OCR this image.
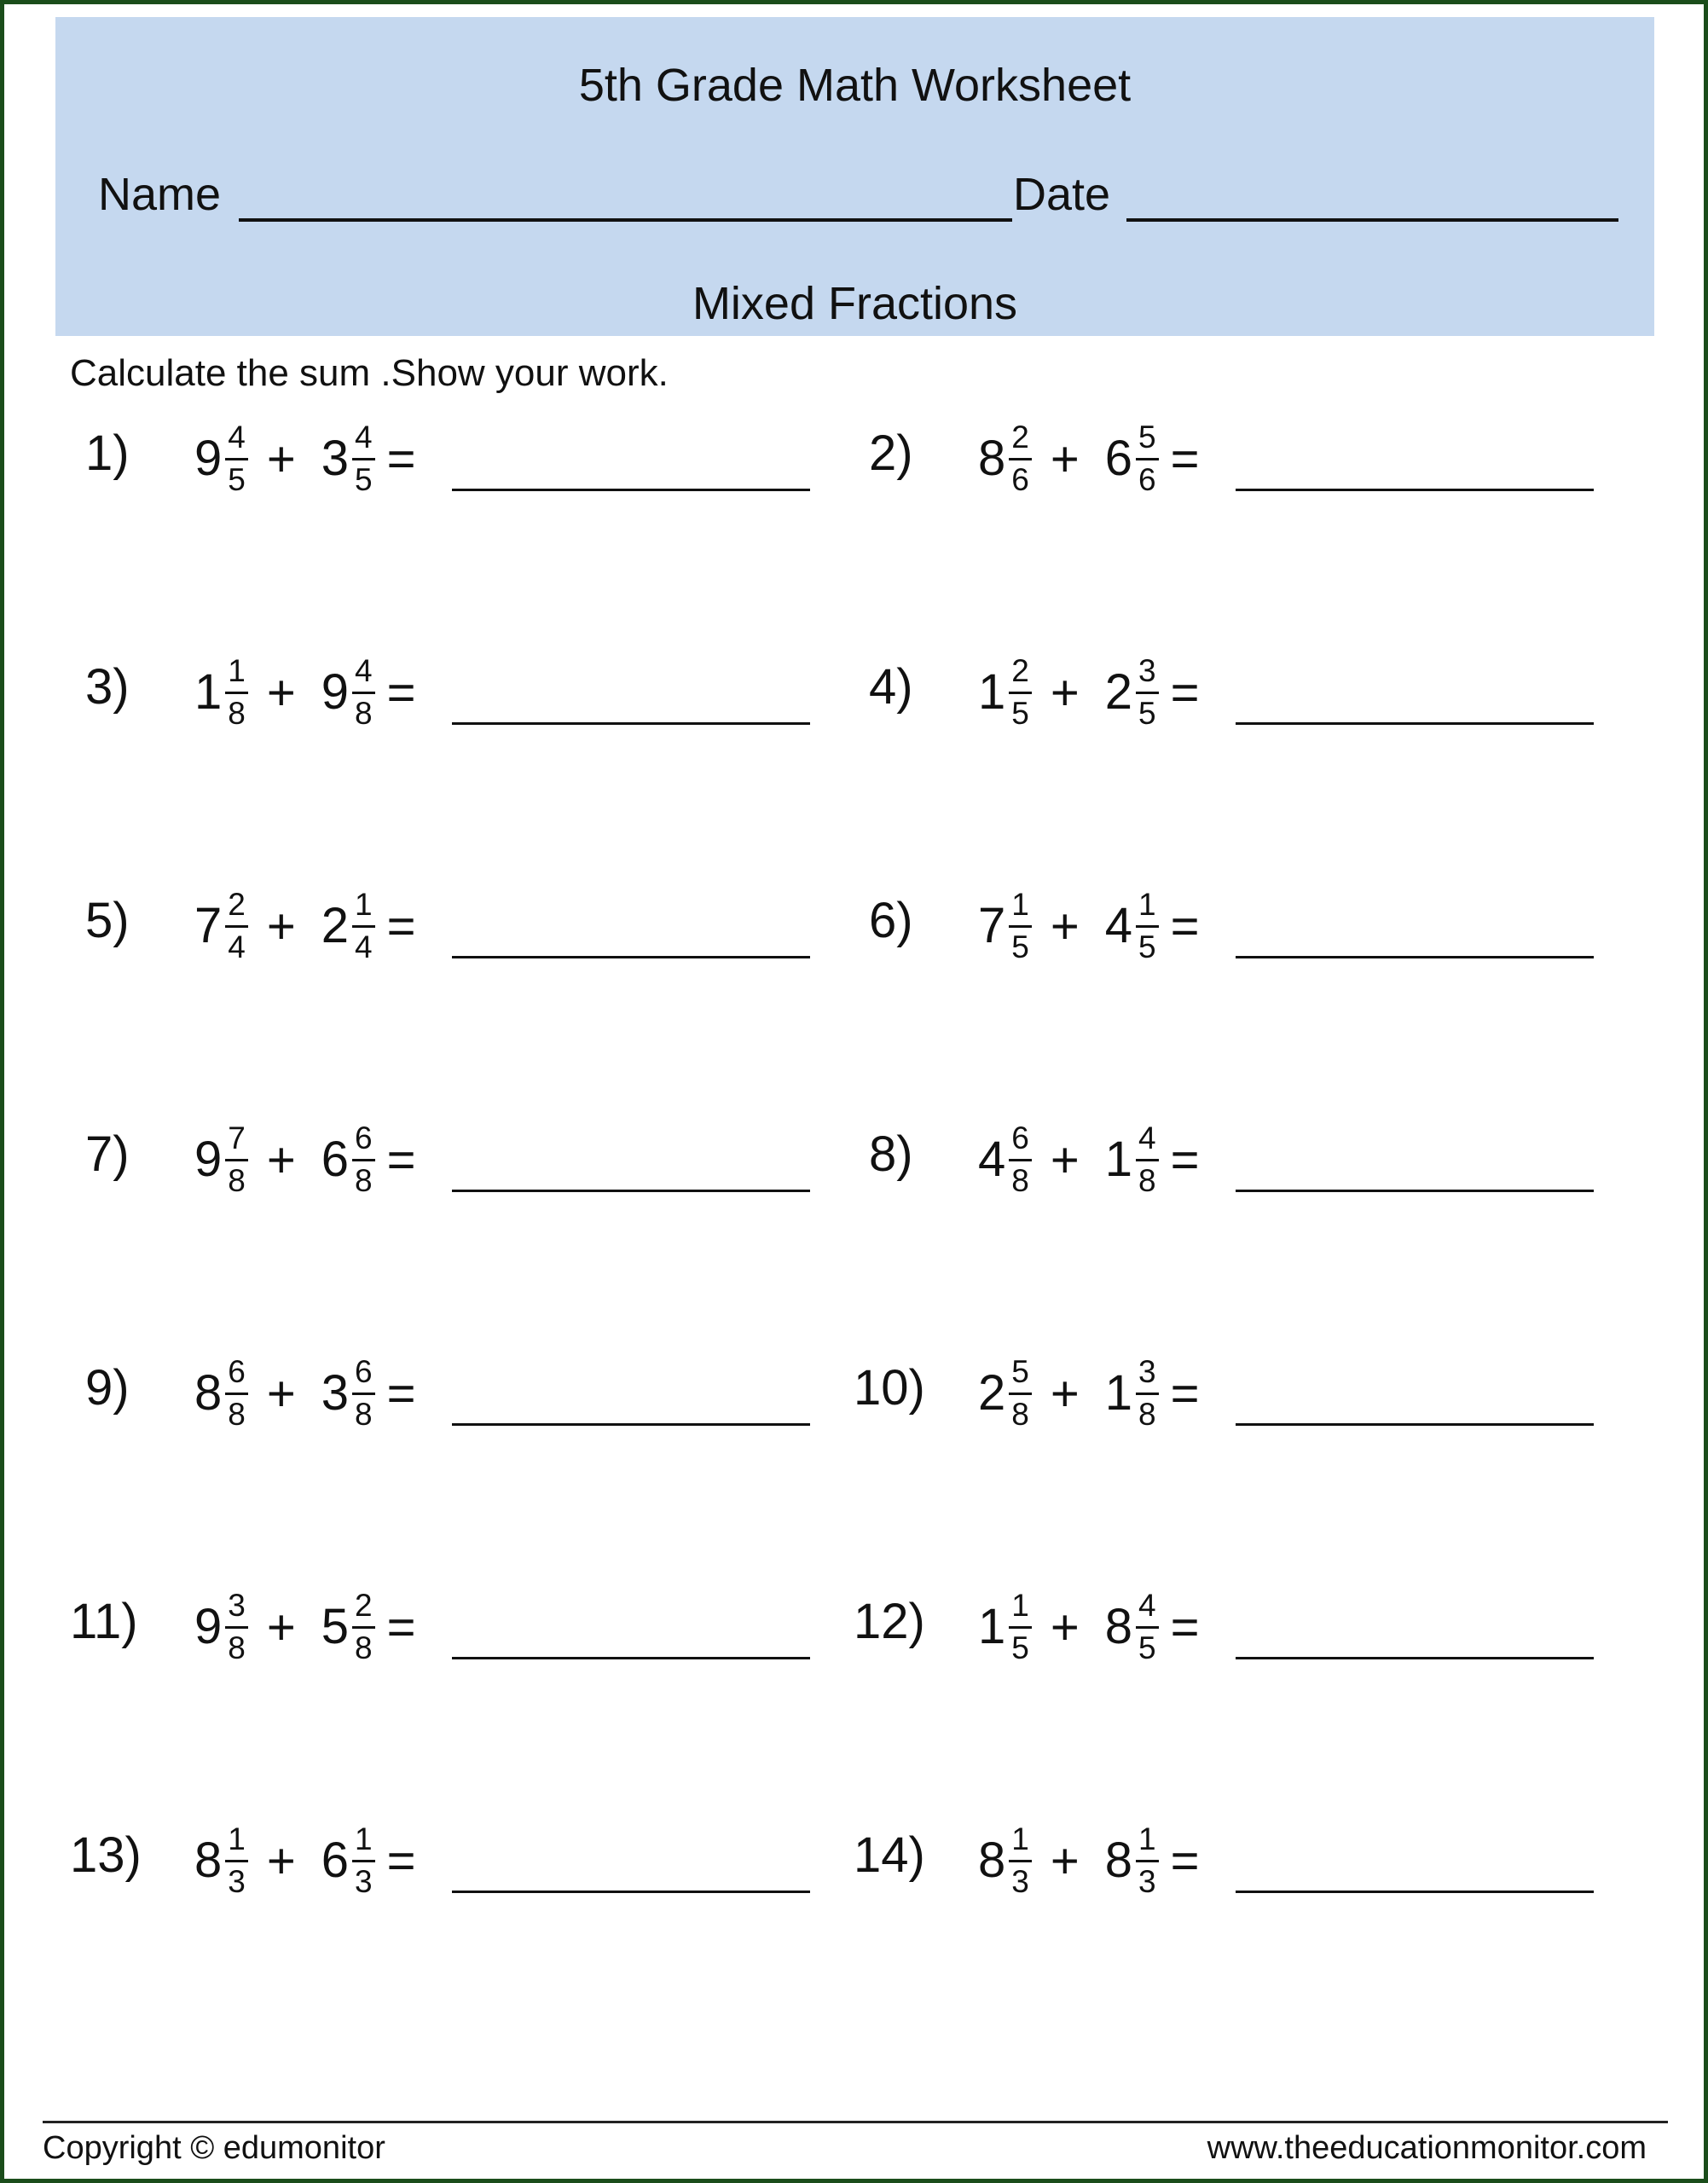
5th Grade Math Worksheet
Name	Date
Mixed Fractions
Calculate the sum .Show your work.
1) $9 \frac{4}{5} + 3 \frac{4}{5}$ =	2) $8 \frac{2}{6} + 6 \frac{5}{6}$ =
3) $1 \frac{1}{8} + 9 \frac{4}{8}$ =	4) $1 \frac{2}{5} + 2 \frac{3}{5}$ =
5) $7 \frac{2}{4} + 2 \frac{1}{4}$ =	6) $7 \frac{1}{5} + 4 \frac{1}{5}$ =
7) $9 \frac{7}{8} + 6 \frac{6}{8}$ =	8) $4 \frac{6}{8} + 1 \frac{4}{8}$ =
9) $8 \frac{6}{8} + 3 \frac{6}{8}$ =	10) $2 \frac{5}{8} + 1 \frac{3}{8}$ =
11) $9 \frac{3}{8} + 5 \frac{2}{8}$ =	12) $1 \frac{1}{5} + 8 \frac{4}{5}$ =
13) $8 \frac{1}{3} + 6 \frac{1}{3}$ =	14) $8 \frac{1}{3} + 8 \frac{1}{3}$ =
Copyright © edumonitor	www.theeducationmonitor.com
